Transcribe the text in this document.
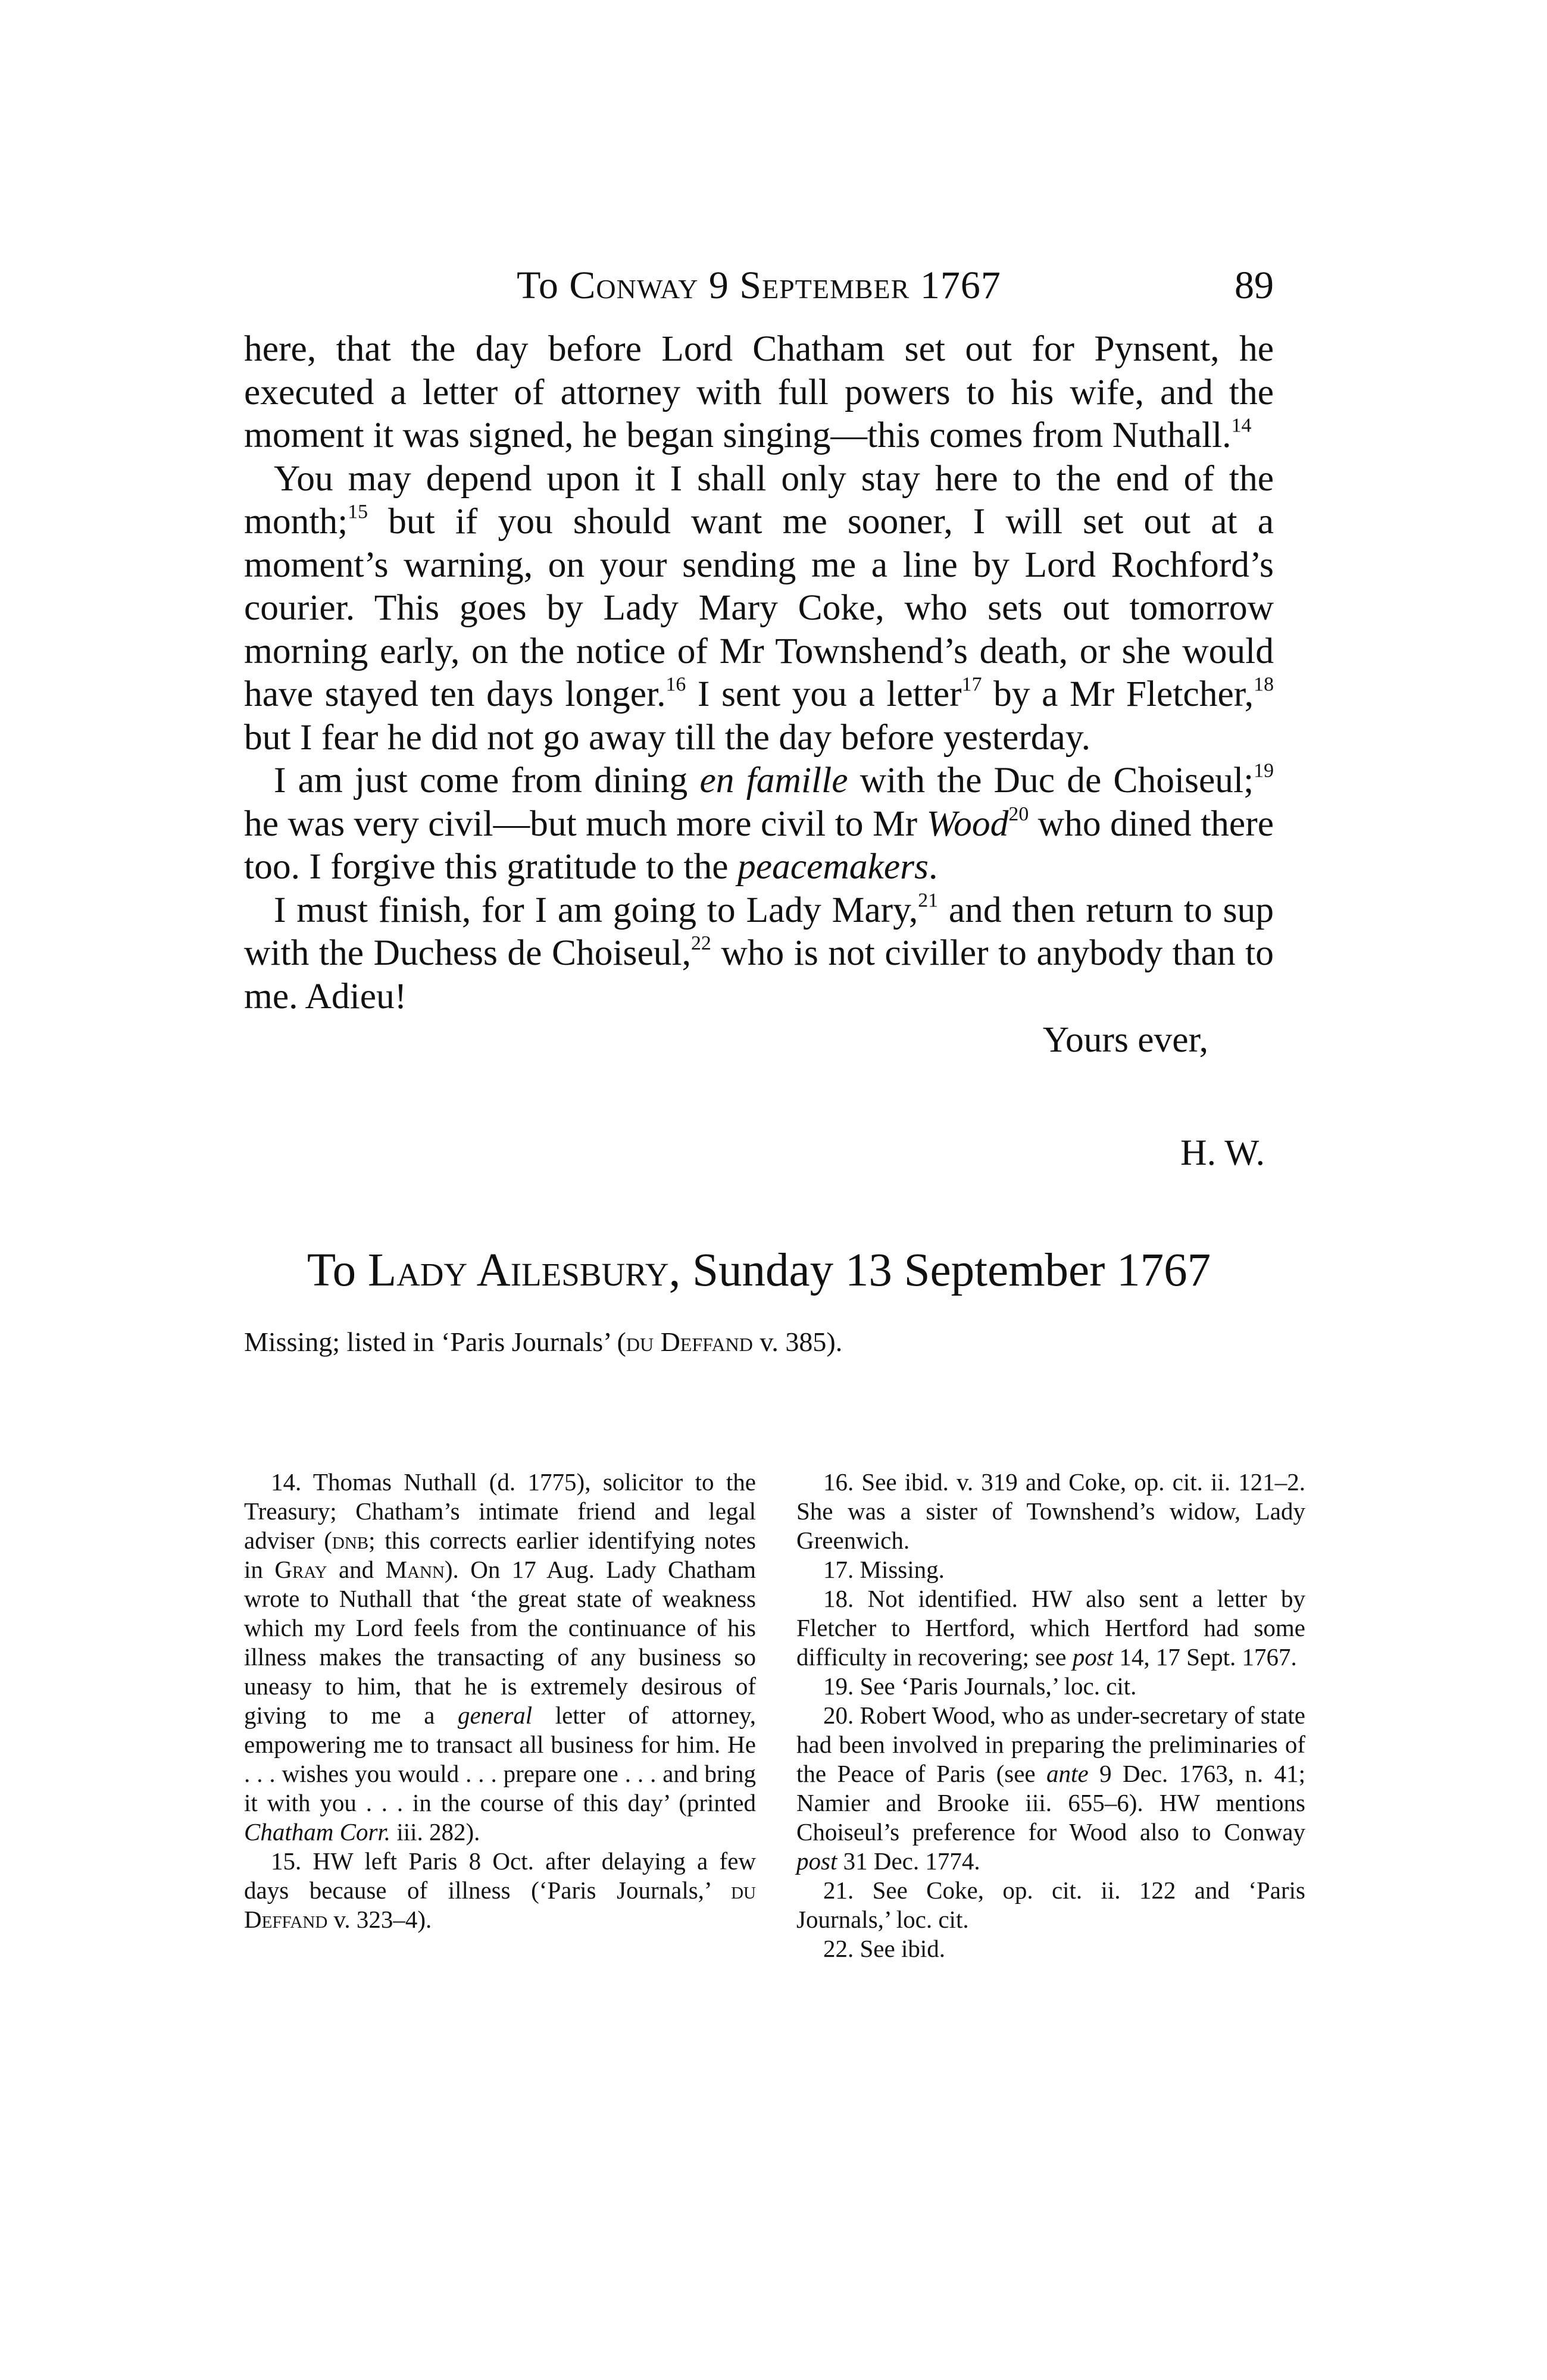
To Conway 9 September 1767	89

here, that the day before Lord Chatham set out for Pynsent, he executed a letter of attorney with full powers to his wife, and the moment it was signed, he began singing—this comes from Nuthall.$^{14}$

You may depend upon it I shall only stay here to the end of the month;$^{15}$ but if you should want me sooner, I will set out at a moment’s warning, on your sending me a line by Lord Rochford’s courier. This goes by Lady Mary Coke, who sets out tomorrow morning early, on the notice of Mr Townshend’s death, or she would have stayed ten days longer.$^{16}$ I sent you a letter$^{17}$ by a Mr Fletcher,$^{18}$ but I fear he did not go away till the day before yesterday.

I am just come from dining en famille with the Duc de Choiseul;$^{19}$ he was very civil—but much more civil to Mr Wood$^{20}$ who dined there too. I forgive this gratitude to the peacemakers.

I must finish, for I am going to Lady Mary,$^{21}$ and then return to sup with the Duchess de Choiseul,$^{22}$ who is not civiller to anybody than to me. Adieu!

Yours ever,
H. W.
To Lady Ailesbury, Sunday 13 September 1767
Missing; listed in ‘Paris Journals’ (du Deffand v. 385).

14. Thomas Nuthall (d. 1775), solicitor to the Treasury; Chatham’s intimate friend and legal adviser (dnb; this corrects earlier identifying notes in Gray and Mann). On 17 Aug. Lady Chatham wrote to Nuthall that ‘the great state of weakness which my Lord feels from the continuance of his illness makes the transacting of any business so uneasy to him, that he is extremely desirous of giving to me a general letter of attorney, empowering me to transact all business for him. He . . . wishes you would . . . prepare one . . . and bring it with you . . . in the course of this day’ (printed Chatham Corr. iii. 282).

15. HW left Paris 8 Oct. after delaying a few days because of illness (‘Paris Journals,’ du Deffand v. 323–4).

16. See ibid. v. 319 and Coke, op. cit. ii. 121–2. She was a sister of Townshend’s widow, Lady Greenwich.

17. Missing.

18. Not identified. HW also sent a letter by Fletcher to Hertford, which Hertford had some difficulty in recovering; see post 14, 17 Sept. 1767.

19. See ‘Paris Journals,’ loc. cit.

20. Robert Wood, who as under-secretary of state had been involved in preparing the preliminaries of the Peace of Paris (see ante 9 Dec. 1763, n. 41; Namier and Brooke iii. 655–6). HW mentions Choiseul’s preference for Wood also to Conway post 31 Dec. 1774.

21. See Coke, op. cit. ii. 122 and ‘Paris Journals,’ loc. cit.

22. See ibid.
